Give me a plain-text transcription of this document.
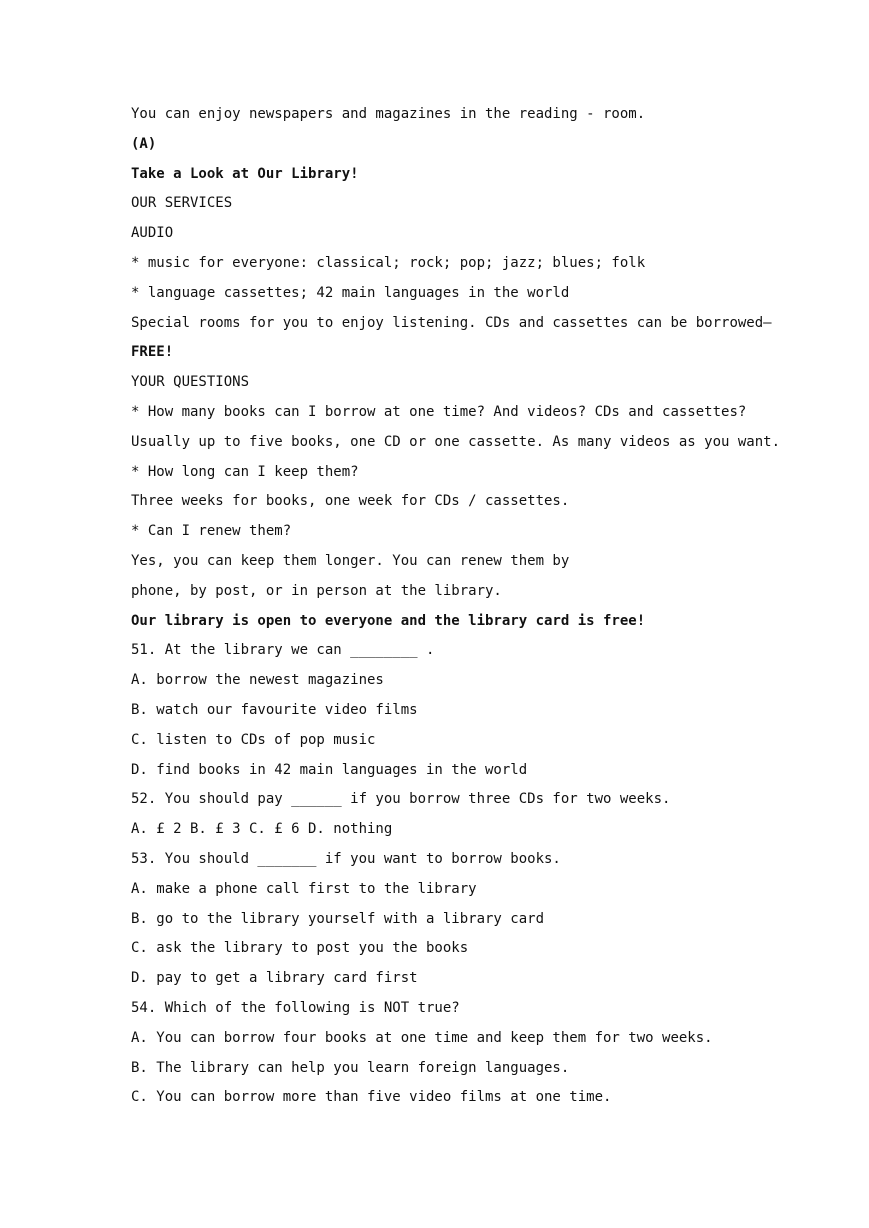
You can enjoy newspapers and magazines in the reading - room.
(A)
Take a Look at Our Library!
OUR SERVICES
AUDIO
* music for everyone: classical; rock; pop; jazz; blues; folk
* language cassettes; 42 main languages in the world
Special rooms for you to enjoy listening. CDs and cassettes can be borrowed—
FREE!
YOUR QUESTIONS
* How many books can I borrow at one time? And videos? CDs and cassettes?
Usually up to five books, one CD or one cassette. As many videos as you want.
* How long can I keep them?
Three weeks for books, one week for CDs / cassettes.
* Can I renew them?
Yes, you can keep them longer. You can renew them by
phone, by post, or in person at the library.
Our library is open to everyone and the library card is free!
51. At the library we can ________ .
A. borrow the newest magazines
B. watch our favourite video films
C. listen to CDs of pop music
D. find books in 42 main languages in the world
52. You should pay ______ if you borrow three CDs for two weeks.
A. £ 2 B. £ 3 C. £ 6 D. nothing
53. You should _______ if you want to borrow books.
A. make a phone call first to the library
B. go to the library yourself with a library card
C. ask the library to post you the books
D. pay to get a library card first
54. Which of the following is NOT true?
A. You can borrow four books at one time and keep them for two weeks.
B. The library can help you learn foreign languages.
C. You can borrow more than five video films at one time.
